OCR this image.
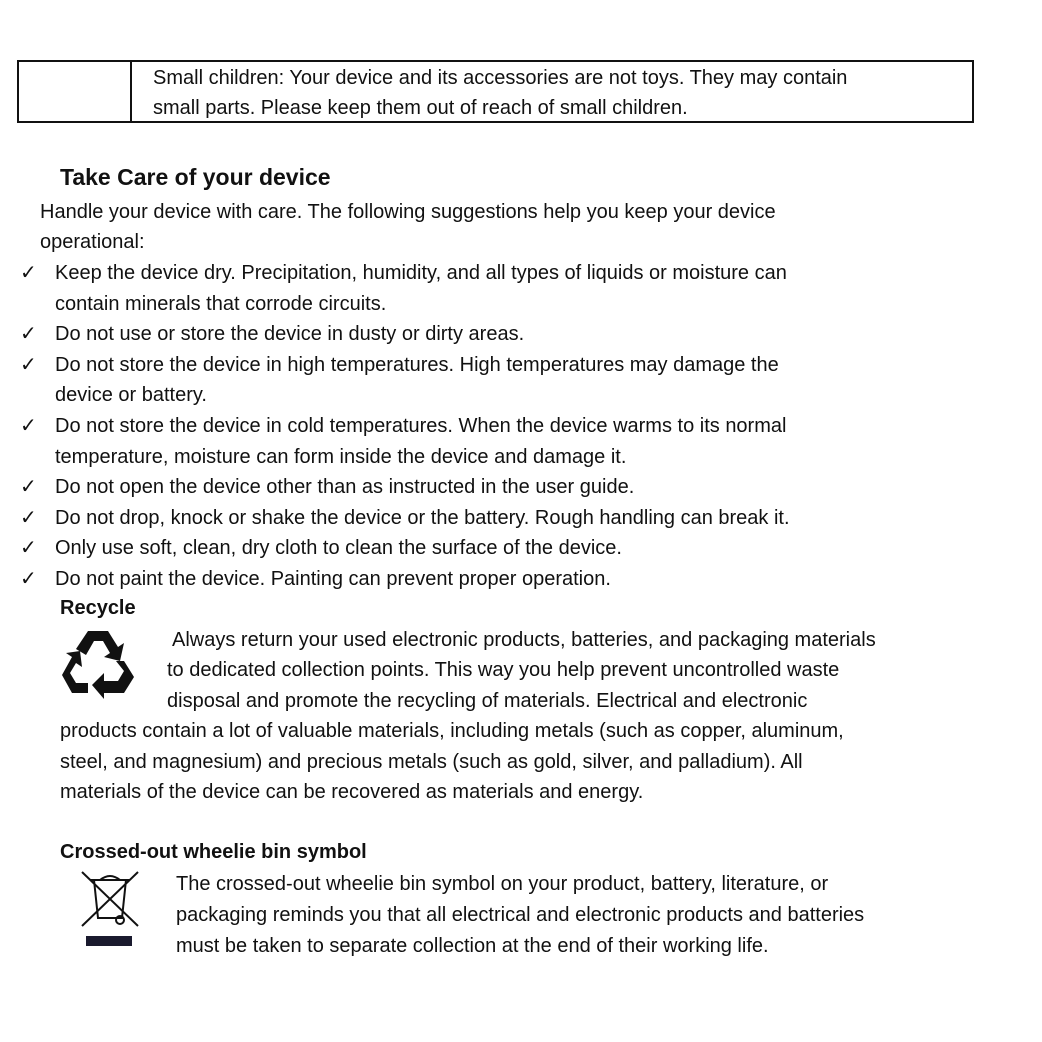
Small children: Your device and its accessories are not toys. They may contain
small parts. Please keep them out of reach of small children.
Take Care of your device
Handle your device with care. The following suggestions help you keep your device
operational:
✓ Keep the device dry. Precipitation, humidity, and all types of liquids or moisture can
contain minerals that corrode circuits.
✓ Do not use or store the device in dusty or dirty areas.
✓ Do not store the device in high temperatures. High temperatures may damage the
device or battery.
✓ Do not store the device in cold temperatures. When the device warms to its normal
temperature, moisture can form inside the device and damage it.
✓ Do not open the device other than as instructed in the user guide.
✓ Do not drop, knock or shake the device or the battery. Rough handling can break it.
✓ Only use soft, clean, dry cloth to clean the surface of the device.
✓ Do not paint the device. Painting can prevent proper operation.
Recycle
Always return your used electronic products, batteries, and packaging materials
to dedicated collection points. This way you help prevent uncontrolled waste
disposal and promote the recycling of materials. Electrical and electronic
products contain a lot of valuable materials, including metals (such as copper, aluminum,
steel, and magnesium) and precious metals (such as gold, silver, and palladium). All
materials of the device can be recovered as materials and energy.
Crossed-out wheelie bin symbol
The crossed-out wheelie bin symbol on your product, battery, literature, or
packaging reminds you that all electrical and electronic products and batteries
must be taken to separate collection at the end of their working life.
